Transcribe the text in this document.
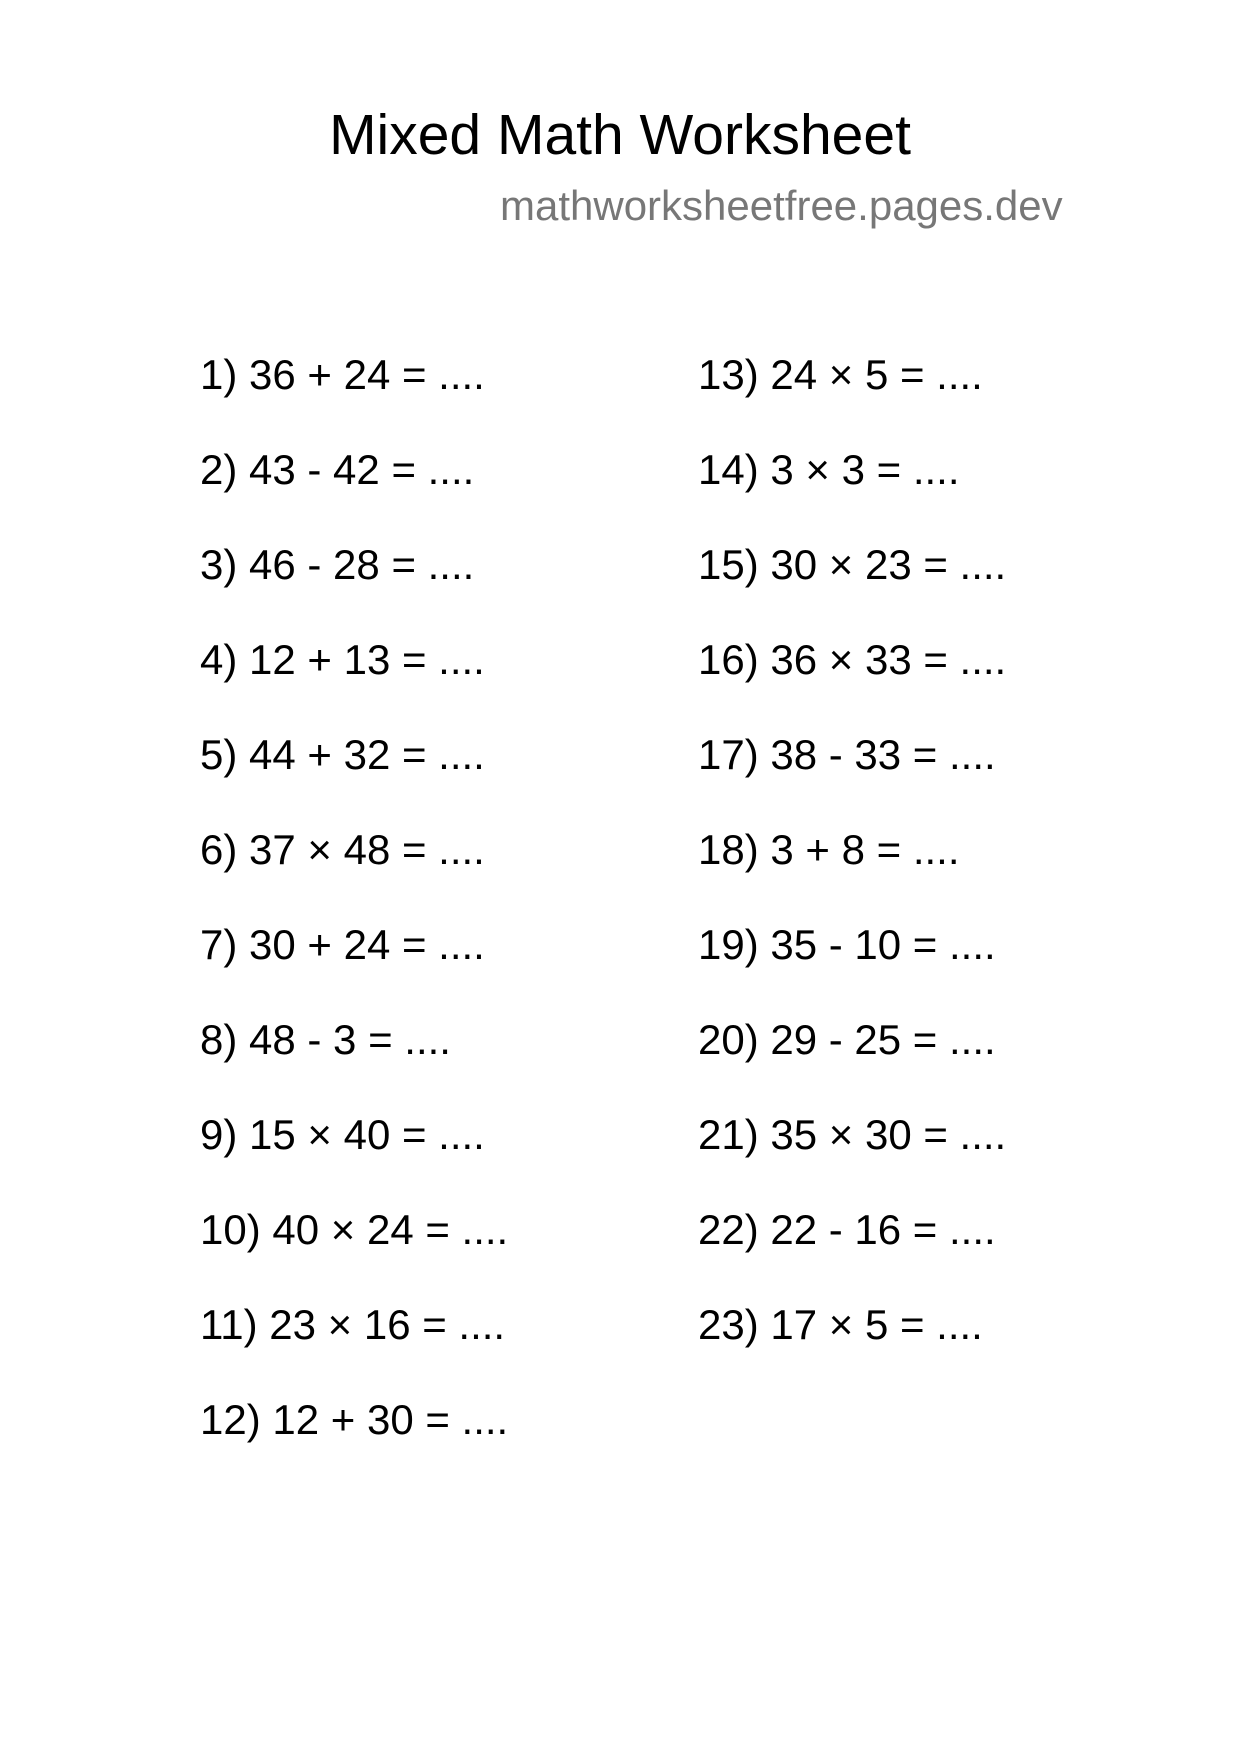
Mixed Math Worksheet
mathworksheetfree.pages.dev
1) 36 + 24 = ....
2) 43 - 42 = ....
3) 46 - 28 = ....
4) 12 + 13 = ....
5) 44 + 32 = ....
6) 37 × 48 = ....
7) 30 + 24 = ....
8) 48 - 3 = ....
9) 15 × 40 = ....
10) 40 × 24 = ....
11) 23 × 16 = ....
12) 12 + 30 = ....
13) 24 × 5 = ....
14) 3 × 3 = ....
15) 30 × 23 = ....
16) 36 × 33 = ....
17) 38 - 33 = ....
18) 3 + 8 = ....
19) 35 - 10 = ....
20) 29 - 25 = ....
21) 35 × 30 = ....
22) 22 - 16 = ....
23) 17 × 5 = ....
